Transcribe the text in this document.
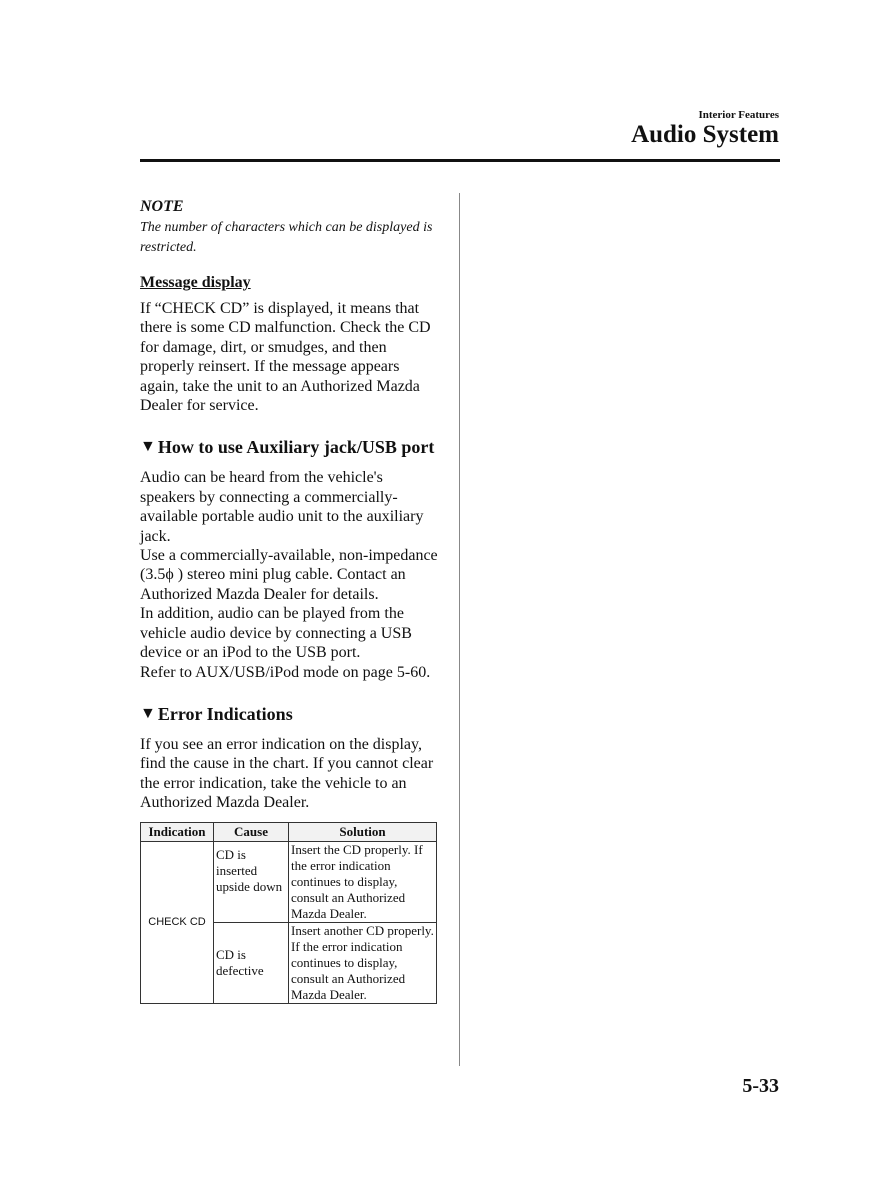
Interior Features
Audio System
NOTE
The number of characters which can be displayed is restricted.
Message display
If “CHECK CD” is displayed, it means that there is some CD malfunction. Check the CD for damage, dirt, or smudges, and then properly reinsert. If the message appears again, take the unit to an Authorized Mazda Dealer for service.
▼ How to use Auxiliary jack/USB port
Audio can be heard from the vehicle's speakers by connecting a commercially-available portable audio unit to the auxiliary jack.
Use a commercially-available, non-impedance (3.5ϕ ) stereo mini plug cable. Contact an Authorized Mazda Dealer for details.
In addition, audio can be played from the vehicle audio device by connecting a USB device or an iPod to the USB port.
Refer to AUX/USB/iPod mode on page 5-60.
▼ Error Indications
If you see an error indication on the display, find the cause in the chart. If you cannot clear the error indication, take the vehicle to an Authorized Mazda Dealer.
Indication	Cause	Solution
CHECK CD	CD is inserted upside down	Insert the CD properly. If the error indication continues to display, consult an Authorized Mazda Dealer.
	CD is defective	Insert another CD properly. If the error indication continues to display, consult an Authorized Mazda Dealer.
5-33
